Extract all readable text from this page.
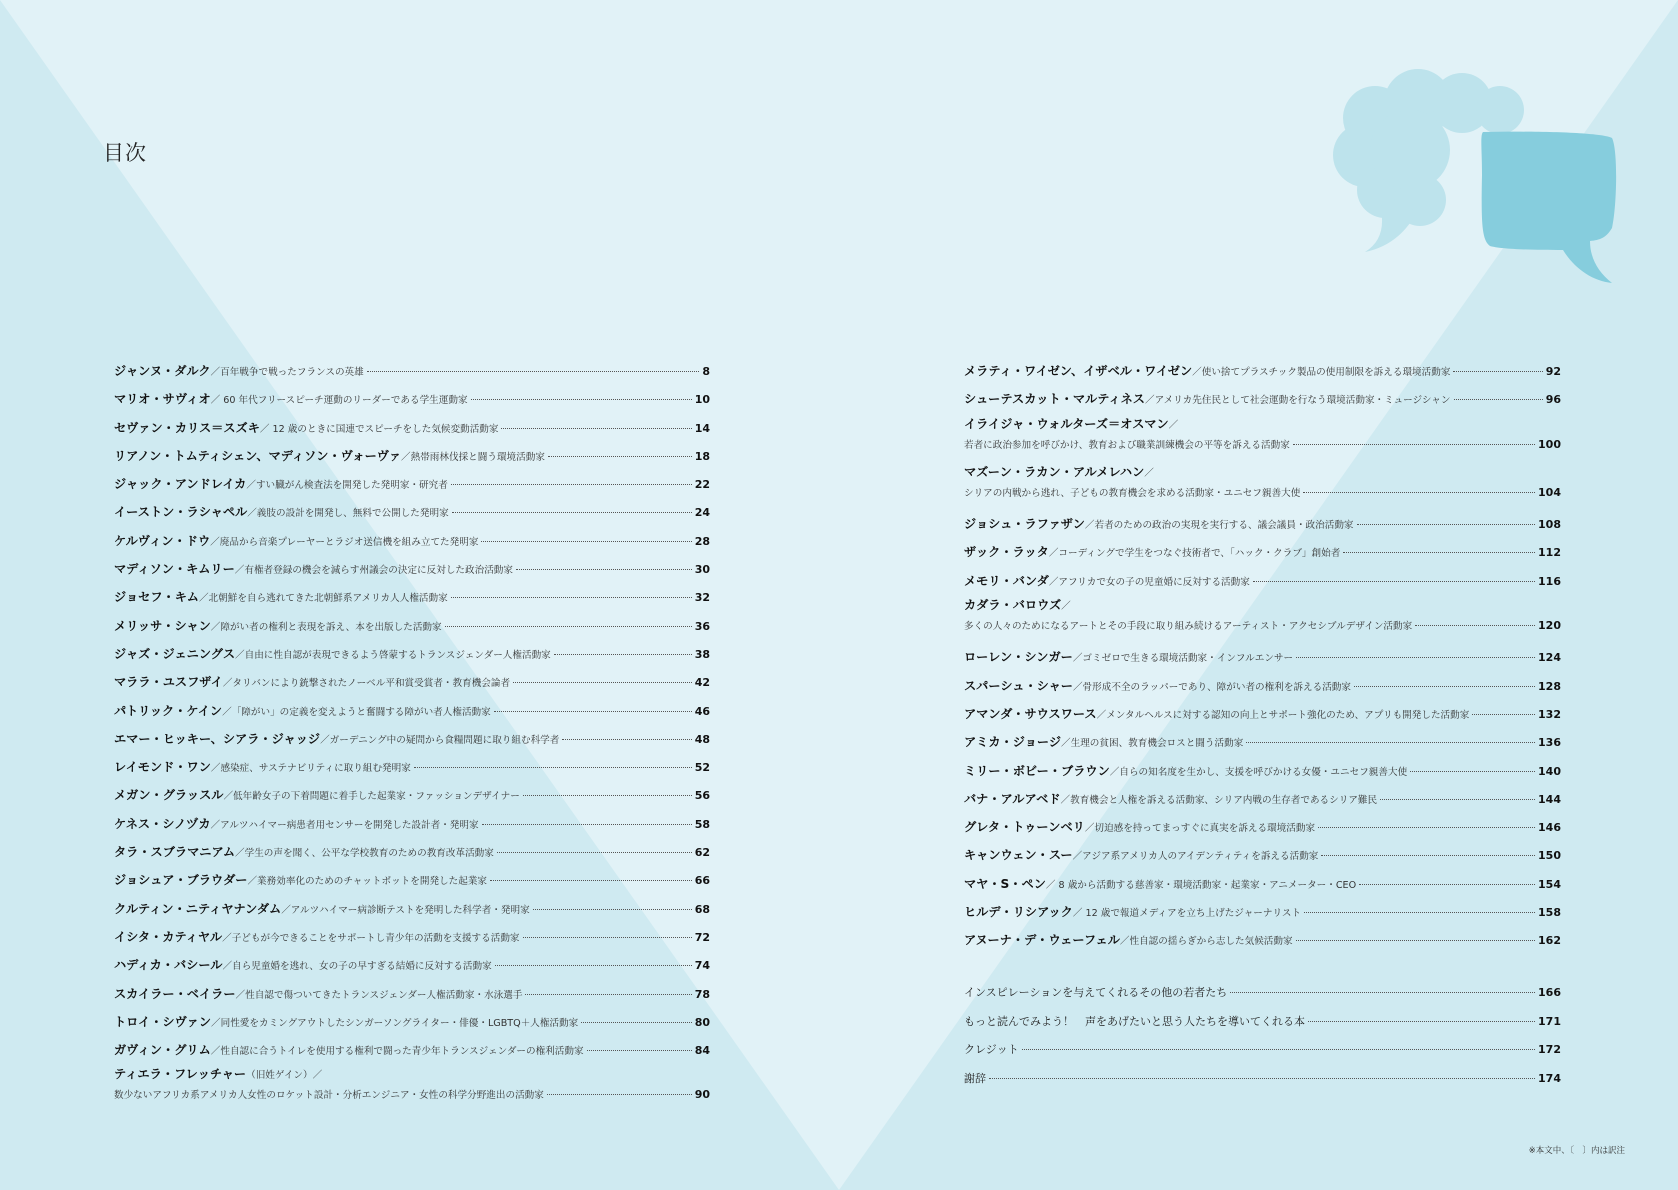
目次
ジャンヌ・ダルク ／百年戦争で戦ったフランスの英雄	8
マリオ・サヴィオ ／ 60 年代フリースピーチ運動のリーダーである学生運動家	10
セヴァン・カリス＝スズキ ／ 12 歳のときに国連でスピーチをした気候変動活動家	14
リアノン・トムティシェン、マディソン・ヴォーヴァ ／熱帯雨林伐採と闘う環境活動家	18
ジャック・アンドレイカ ／すい臓がん検査法を開発した発明家・研究者	22
イーストン・ラシャペル ／義肢の設計を開発し、無料で公開した発明家	24
ケルヴィン・ドウ ／廃品から音楽プレーヤーとラジオ送信機を組み立てた発明家	28
マディソン・キムリー ／有権者登録の機会を減らす州議会の決定に反対した政治活動家	30
ジョセフ・キム ／北朝鮮を自ら逃れてきた北朝鮮系アメリカ人人権活動家	32
メリッサ・シャン ／障がい者の権利と表現を訴え、本を出版した活動家	36
ジャズ・ジェニングス ／自由に性自認が表現できるよう啓蒙するトランスジェンダー人権活動家	38
マララ・ユスフザイ ／タリバンにより銃撃されたノーベル平和賞受賞者・教育機会論者	42
パトリック・ケイン ／「障がい」の定義を変えようと奮闘する障がい者人権活動家	46
エマー・ヒッキー、シアラ・ジャッジ ／ガーデニング中の疑問から食糧問題に取り組む科学者	48
レイモンド・ワン ／感染症、サステナビリティに取り組む発明家	52
メガン・グラッスル ／低年齢女子の下着問題に着手した起業家・ファッションデザイナー	56
ケネス・シノヅカ ／アルツハイマー病患者用センサーを開発した設計者・発明家	58
タラ・スブラマニアム ／学生の声を聞く、公平な学校教育のための教育改革活動家	62
ジョシュア・ブラウダー ／業務効率化のためのチャットボットを開発した起業家	66
クルティン・ニティヤナンダム ／アルツハイマー病診断テストを発明した科学者・発明家	68
イシタ・カティヤル ／子どもが今できることをサポートし青少年の活動を支援する活動家	72
ハディカ・バシール ／自ら児童婚を逃れ、女の子の早すぎる結婚に反対する活動家	74
スカイラー・ベイラー ／性自認で傷ついてきたトランスジェンダー人権活動家・水泳選手	78
トロイ・シヴァン ／同性愛をカミングアウトしたシンガーソングライター・俳優・LGBTQ＋人権活動家	80
ガヴィン・グリム ／性自認に合うトイレを使用する権利で闘った青少年トランスジェンダーの権利活動家	84
ティエラ・フレッチャー （旧姓ゲイン）／
数少ないアフリカ系アメリカ人女性のロケット設計・分析エンジニア・女性の科学分野進出の活動家	90
メラティ・ワイゼン、イザベル・ワイゼン ／使い捨てプラスチック製品の使用制限を訴える環境活動家	92
シューテスカット・マルティネス ／アメリカ先住民として社会運動を行なう環境活動家・ミュージシャン	96
イライジャ・ウォルターズ＝オスマン ／
若者に政治参加を呼びかけ、教育および職業訓練機会の平等を訴える活動家	100
マズーン・ラカン・アルメレハン ／
シリアの内戦から逃れ、子どもの教育機会を求める活動家・ユニセフ親善大使	104
ジョシュ・ラファザン ／若者のための政治の実現を実行する、議会議員・政治活動家	108
ザック・ラッタ ／コーディングで学生をつなぐ技術者で、「ハック・クラブ」創始者	112
メモリ・バンダ ／アフリカで女の子の児童婚に反対する活動家	116
カダラ・バロウズ ／
多くの人々のためになるアートとその手段に取り組み続けるアーティスト・アクセシブルデザイン活動家	120
ローレン・シンガー ／ゴミゼロで生きる環境活動家・インフルエンサー	124
スパーシュ・シャー ／骨形成不全のラッパーであり、障がい者の権利を訴える活動家	128
アマンダ・サウスワース ／メンタルヘルスに対する認知の向上とサポート強化のため、アプリも開発した活動家	132
アミカ・ジョージ ／生理の貧困、教育機会ロスと闘う活動家	136
ミリー・ボビー・ブラウン ／自らの知名度を生かし、支援を呼びかける女優・ユニセフ親善大使	140
バナ・アルアベド ／教育機会と人権を訴える活動家、シリア内戦の生存者であるシリア難民	144
グレタ・トゥーンベリ ／切迫感を持ってまっすぐに真実を訴える環境活動家	146
キャンウェン・スー ／アジア系アメリカ人のアイデンティティを訴える活動家	150
マヤ・S・ペン ／ 8 歳から活動する慈善家・環境活動家・起業家・アニメーター・CEO	154
ヒルデ・リシアック ／ 12 歳で報道メディアを立ち上げたジャーナリスト	158
アヌーナ・デ・ウェーフェル ／性自認の揺らぎから志した気候活動家	162
インスピレーションを与えてくれるその他の若者たち	166
もっと読んでみよう！　声をあげたいと思う人たちを導いてくれる本	171
クレジット	172
謝辞	174
※本文中、〔　〕内は訳注
